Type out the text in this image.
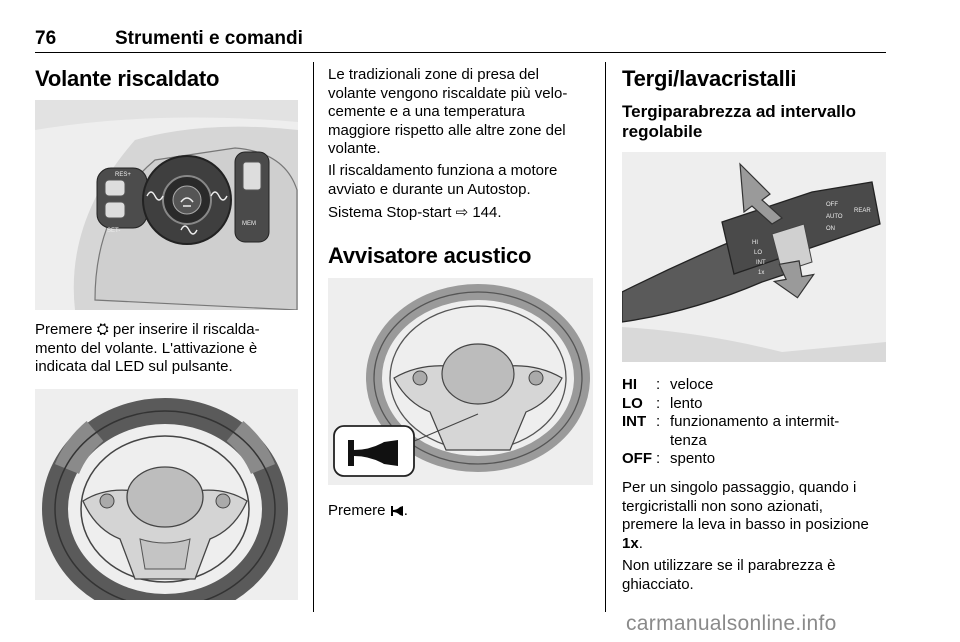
76	Strumenti e comandi
Volante riscaldato
RES+
SET-
MEM
Premere ⛭ per inserire il riscalda-
mento del volante. L'attivazione è
indicata dal LED sul pulsante.
Le tradizionali zone di presa del
volante vengono riscaldate più velo-
cemente e a una temperatura
maggiore rispetto alle altre zone del
volante.
Il riscaldamento funziona a motore
avviato e durante un Autostop.
Sistema Stop-start ⇨ 144.
Avvisatore acustico
Premere .
Tergi/lavacristalli
Tergiparabrezza ad intervallo
regolabile
OFF
AUTO
ON
REAR
HI
LO
INT
1x
HI	: veloce
LO : lento
INT : funzionamento a intermit-tenza
OFF : spento
Per un singolo passaggio, quando i
tergicristalli non sono azionati,
premere la leva in basso in posizione
1x.
Non utilizzare se il parabrezza è
ghiacciato.
carmanualsonline.info
